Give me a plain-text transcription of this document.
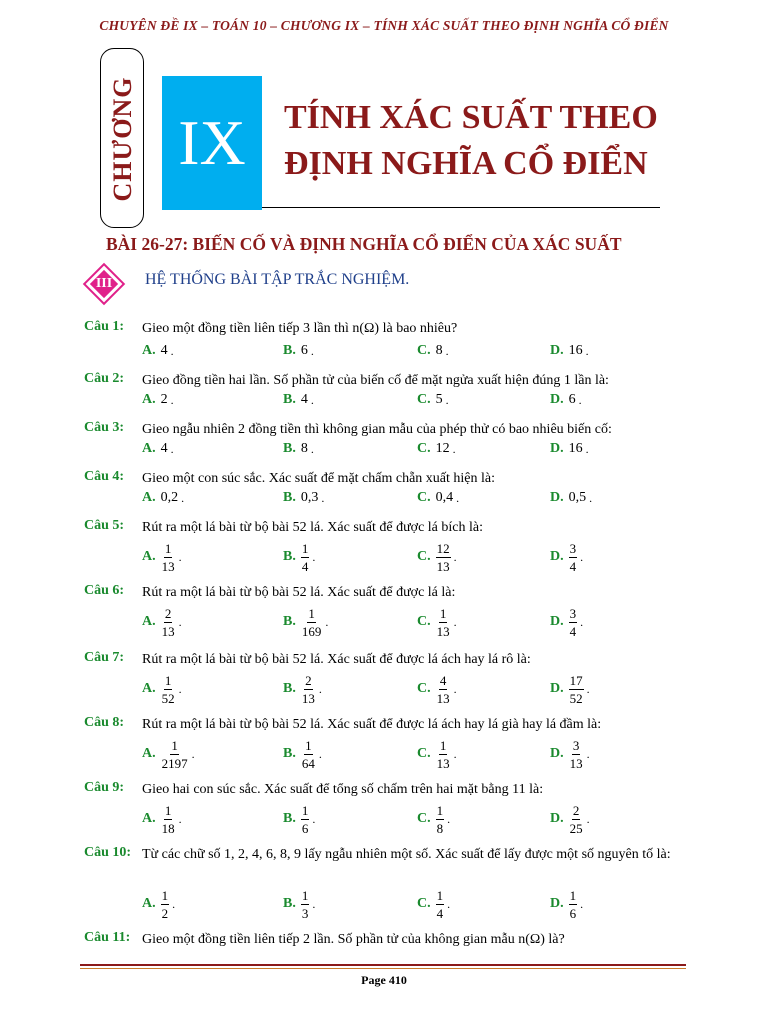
CHUYÊN ĐỀ IX – TOÁN 10 – CHƯƠNG IX – TÍNH XÁC SUẤT THEO ĐỊNH NGHĨA CỔ ĐIỂN
CHƯƠNG IX	TÍNH XÁC SUẤT THEO
ĐỊNH NGHĨA CỔ ĐIỂN
BÀI 26-27: BIẾN CỐ VÀ ĐỊNH NGHĨA CỔ ĐIỂN CỦA XÁC SUẤT
III	HỆ THỐNG BÀI TẬP TRẮC NGHIỆM.
Câu 1: Gieo một đồng tiền liên tiếp 3 lần thì n(Ω) là bao nhiêu?
A. 4 .	B. 6 .	C. 8 .	D. 16 .
Câu 2: Gieo đồng tiền hai lần. Số phần tử của biến cố để mặt ngửa xuất hiện đúng 1 lần là:
A. 2 .	B. 4 .	C. 5 .	D. 6 .
Câu 3: Gieo ngẫu nhiên 2 đồng tiền thì không gian mẫu của phép thử có bao nhiêu biến cố:
A. 4 .	B. 8 .	C. 12 .	D. 16 .
Câu 4: Gieo một con súc sắc. Xác suất để mặt chấm chẵn xuất hiện là:
A. 0,2 .	B. 0,3 .	C. 0,4 .	D. 0,5 .
Câu 5: Rút ra một lá bài từ bộ bài 52 lá. Xác suất để được lá bích là:
A. $\frac{1}{13}$ .	B. $\frac{1}{4}$ .	C. $\frac{12}{13}$ .	D. $\frac{3}{4}$ .
Câu 6: Rút ra một lá bài từ bộ bài 52 lá. Xác suất để được lá là:
A. $\frac{2}{13}$ .	B. $\frac{1}{169}$ .	C. $\frac{1}{13}$ .	D. $\frac{3}{4}$ .
Câu 7: Rút ra một lá bài từ bộ bài 52 lá. Xác suất để được lá ách hay lá rô là:
A. $\frac{1}{52}$ .	B. $\frac{2}{13}$ .	C. $\frac{4}{13}$ .	D. $\frac{17}{52}$ .
Câu 8: Rút ra một lá bài từ bộ bài 52 lá. Xác suất để được lá ách hay lá già hay lá đầm là:
A. $\frac{1}{2197}$ .	B. $\frac{1}{64}$ .	C. $\frac{1}{13}$ .	D. $\frac{3}{13}$ .
Câu 9: Gieo hai con súc sắc. Xác suất để tổng số chấm trên hai mặt bằng 11 là:
A. $\frac{1}{18}$ .	B. $\frac{1}{6}$ .	C. $\frac{1}{8}$ .	D. $\frac{2}{25}$ .
Câu 10: Từ các chữ số 1, 2, 4, 6, 8, 9 lấy ngẫu nhiên một số. Xác suất để lấy được một số nguyên tố là:
A. $\frac{1}{2}$ .	B. $\frac{1}{3}$ .	C. $\frac{1}{4}$ .	D. $\frac{1}{6}$ .
Câu 11: Gieo một đồng tiền liên tiếp 2 lần. Số phần tử của không gian mẫu n(Ω) là?
Page 410
